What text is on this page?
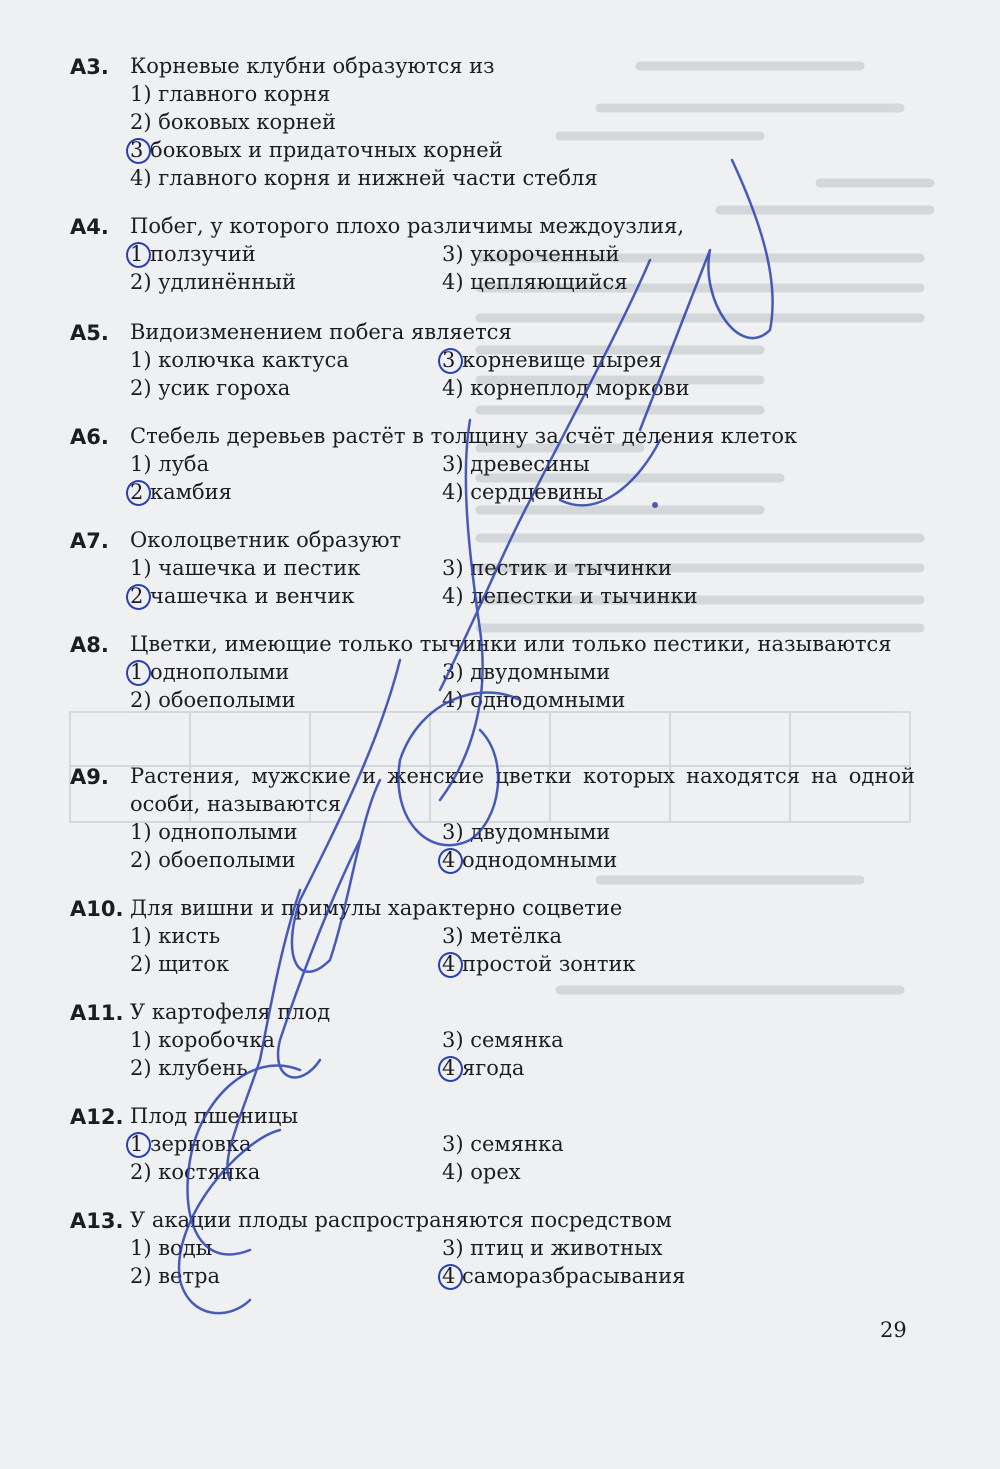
A3. Корневые клубни образуются из
1) главного корня
2) боковых корней
3 боковых и придаточных корней
4) главного корня и нижней части стебля
A4. Побег, у которого плохо различимы междоузлия,
1 ползучий
2) удлинённый
3) укороченный
4) цепляющийся
A5. Видоизменением побега является
1) колючка кактуса
2) усик гороха
3 корневище пырея
4) корнеплод моркови
A6. Стебель деревьев растёт в толщину за счёт деления клеток
1) луба
2 камбия
3) древесины
4) сердцевины
A7. Околоцветник образуют
1) чашечка и пестик
2 чашечка и венчик
3) пестик и тычинки
4) лепестки и тычинки
A8. Цветки, имеющие только тычинки или только пестики, называются
1 однополыми
2) обоеполыми
3) двудомными
4) однодомными
A9. Растения, мужские и женские цветки которых находятся на одной особи, называются
1) однополыми
2) обоеполыми
3) двудомными
4 однодомными
A10. Для вишни и примулы характерно соцветие
1) кисть
2) щиток
3) метёлка
4 простой зонтик
A11. У картофеля плод
1) коробочка
2) клубень
3) семянка
4 ягода
A12. Плод пшеницы
1 зерновка
2) костянка
3) семянка
4) орех
A13. У акации плоды распространяются посредством
1) воды
2) ветра
3) птиц и животных
4 саморазбрасывания
29
